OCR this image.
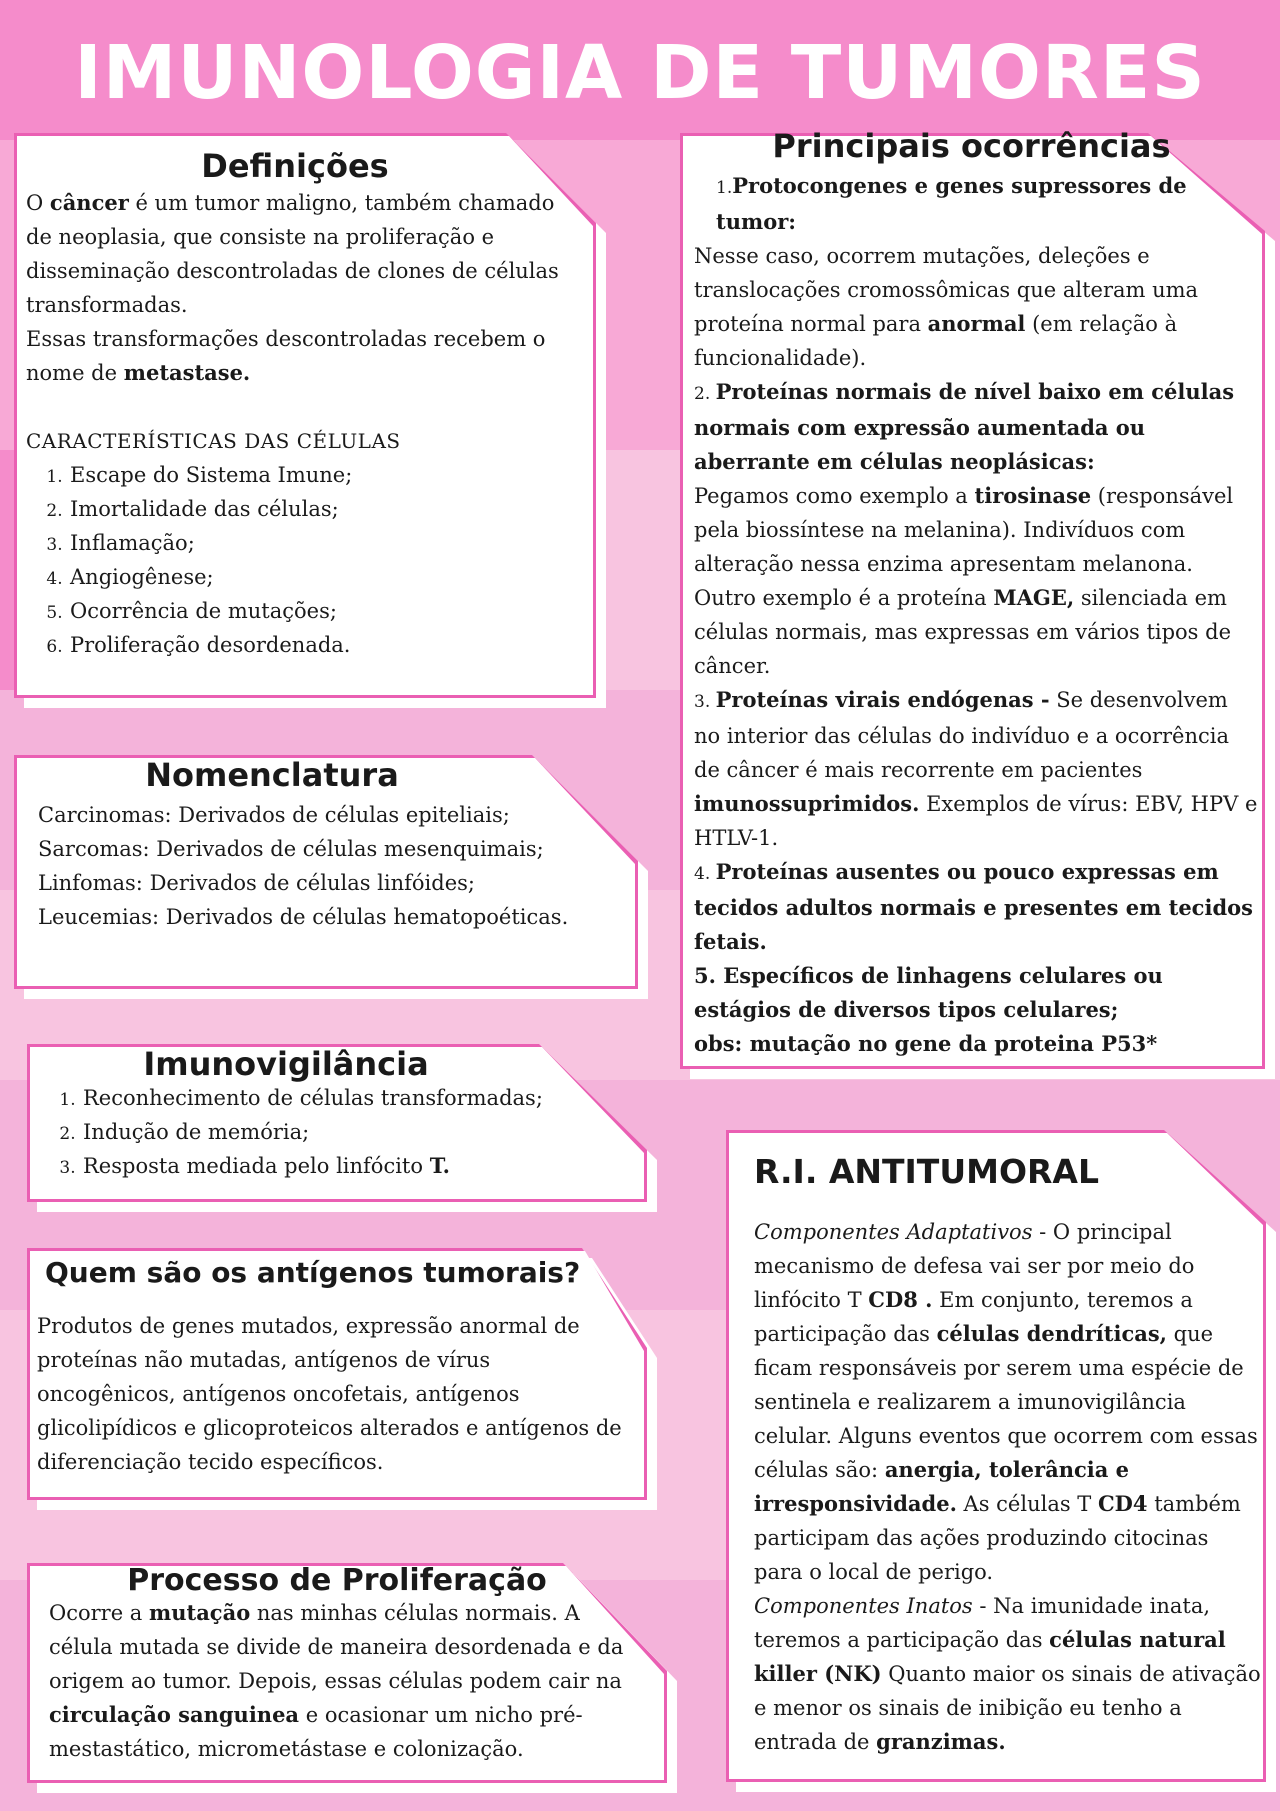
IMUNOLOGIA DE TUMORES
Definições

O câncer é um tumor maligno, também chamado de neoplasia, que consiste na proliferação e disseminação descontroladas de clones de células transformadas.

Essas transformações descontroladas recebem o nome de metastase.

CARACTERÍSTICAS DAS CÉLULAS

1. Escape do Sistema Imune;
2. Imortalidade das células;
3. Inflamação;
4. Angiogênese;
5. Ocorrência de mutações;
6. Proliferação desordenada.
Nomenclatura

Carcinomas: Derivados de células epiteliais;

Sarcomas: Derivados de células mesenquimais;

Linfomas: Derivados de células linfóides;

Leucemias: Derivados de células hematopoéticas.

Imunovigilância
1. Reconhecimento de células transformadas;
2. Indução de memória;
3. Resposta mediada pelo linfócito T.
Quem são os antígenos tumorais?

Produtos de genes mutados, expressão anormal de proteínas não mutadas, antígenos de vírus oncogênicos, antígenos oncofetais, antígenos glicolipídicos e glicoproteicos alterados e antígenos de diferenciação tecido específicos.

Processo de Proliferação

Ocorre a mutação nas minhas células normais. A célula mutada se divide de maneira desordenada e da origem ao tumor. Depois, essas células podem cair na circulação sanguinea e ocasionar um nicho pré- mestastático, micrometástase e colonização.

Principais ocorrências

1.Protocongenes e genes supressores de tumor:

Nesse caso, ocorrem mutações, deleções e translocações cromossômicas que alteram uma proteína normal para anormal (em relação à funcionalidade).

2. Proteínas normais de nível baixo em células normais com expressão aumentada ou aberrante em células neoplásicas:

Pegamos como exemplo a tirosinase (responsável pela biossíntese na melanina). Indivíduos com alteração nessa enzima apresentam melanona. Outro exemplo é a proteína MAGE, silenciada em células normais, mas expressas em vários tipos de câncer.

3. Proteínas virais endógenas - Se desenvolvem no interior das células do indivíduo e a ocorrência de câncer é mais recorrente em pacientes imunossuprimidos. Exemplos de vírus: EBV, HPV e HTLV-1.

4. Proteínas ausentes ou pouco expressas em tecidos adultos normais e presentes em tecidos fetais.

5. Específicos de linhagens celulares ou estágios de diversos tipos celulares;

obs: mutação no gene da proteina P53*

R.I. ANTITUMORAL

Componentes Adaptativos - O principal mecanismo de defesa vai ser por meio do linfócito T CD8 . Em conjunto, teremos a participação das células dendríticas, que ficam responsáveis por serem uma espécie de sentinela e realizarem a imunovigilância celular. Alguns eventos que ocorrem com essas células são: anergia, tolerância e irresponsividade. As células T CD4 também participam das ações produzindo citocinas para o local de perigo.

Componentes Inatos - Na imunidade inata, teremos a participação das células natural killer (NK) Quanto maior os sinais de ativação e menor os sinais de inibição eu tenho a entrada de granzimas.
